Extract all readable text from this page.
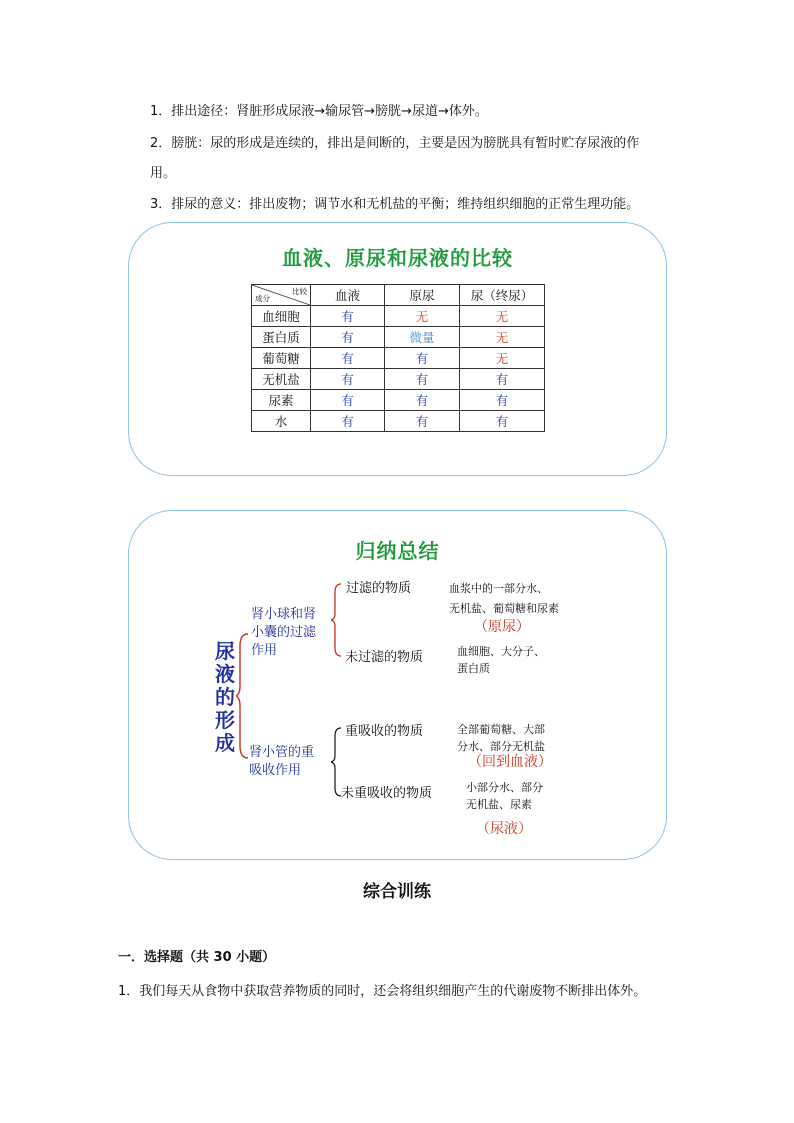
1．排出途径：肾脏形成尿液→输尿管→膀胱→尿道→体外。
2．膀胱：尿的形成是连续的，排出是间断的，主要是因为膀胱具有暂时贮存尿液的作
用。
3．排尿的意义：排出废物；调节水和无机盐的平衡；维持组织细胞的正常生理功能。
血液、原尿和尿液的比较
比较
成分	血液	原尿	尿（终尿）
血细胞	有	无	无
蛋白质	有	微量	无
葡萄糖	有	有	无
无机盐	有	有	有
尿素	有	有	有
水	有	有	有
归纳总结
尿
液
的
形
成
肾小球和肾
小囊的过滤
作用
肾小管的重
吸收作用
过滤的物质	血浆中的一部分水、
无机盐、葡萄糖和尿素
（原尿）
未过滤的物质	血细胞、大分子、
蛋白质
重吸收的物质	全部葡萄糖、大部
分水、部分无机盐
（回到血液）
未重吸收的物质	小部分水、部分
无机盐、尿素
（尿液）
综合训练
一．选择题（共 30 小题）
1．我们每天从食物中获取营养物质的同时，还会将组织细胞产生的代谢废物不断排出体外。
